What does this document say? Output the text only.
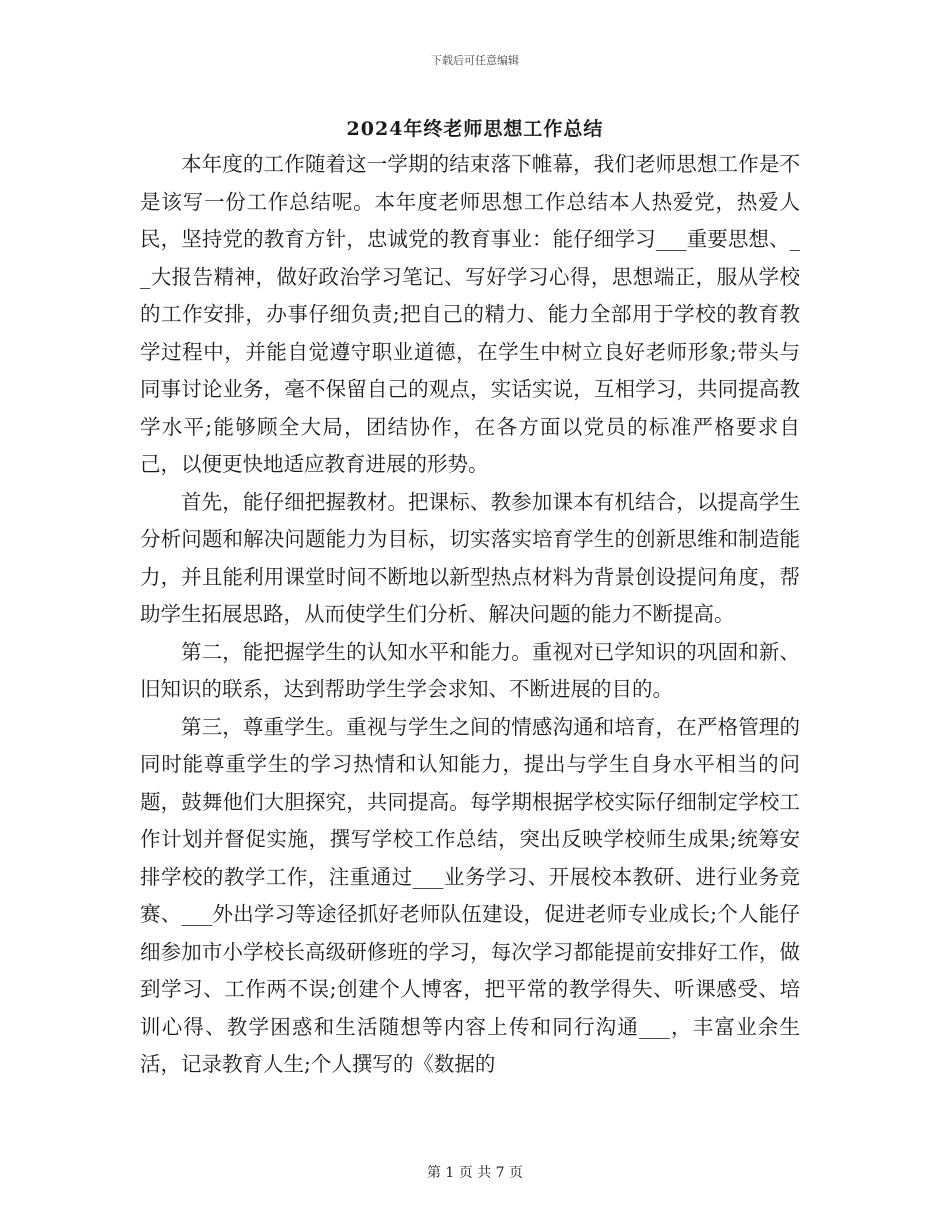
下载后可任意编辑
2024年终老师思想工作总结

本年度的工作随着这一学期的结束落下帷幕，我们老师思想工作是不是该写一份工作总结呢。本年度老师思想工作总结本人热爱党，热爱人民，坚持党的教育方针，忠诚党的教育事业：能仔细学习___重要思想、__大报告精神，做好政治学习笔记、写好学习心得，思想端正，服从学校的工作安排，办事仔细负责;把自己的精力、能力全部用于学校的教育教学过程中，并能自觉遵守职业道德，在学生中树立良好老师形象;带头与同事讨论业务，毫不保留自己的观点，实话实说，互相学习，共同提高教学水平;能够顾全大局，团结协作，在各方面以党员的标准严格要求自己，以便更快地适应教育进展的形势。

首先，能仔细把握教材。把课标、教参加课本有机结合，以提高学生分析问题和解决问题能力为目标，切实落实培育学生的创新思维和制造能力，并且能利用课堂时间不断地以新型热点材料为背景创设提问角度，帮助学生拓展思路，从而使学生们分析、解决问题的能力不断提高。

第二，能把握学生的认知水平和能力。重视对已学知识的巩固和新、旧知识的联系，达到帮助学生学会求知、不断进展的目的。

第三，尊重学生。重视与学生之间的情感沟通和培育，在严格管理的同时能尊重学生的学习热情和认知能力，提出与学生自身水平相当的问题，鼓舞他们大胆探究，共同提高。每学期根据学校实际仔细制定学校工作计划并督促实施，撰写学校工作总结，突出反映学校师生成果;统筹安排学校的教学工作，注重通过___业务学习、开展校本教研、进行业务竞赛、___外出学习等途径抓好老师队伍建设，促进老师专业成长;个人能仔细参加市小学校长高级研修班的学习，每次学习都能提前安排好工作，做到学习、工作两不误;创建个人博客，把平常的教学得失、听课感受、培训心得、教学困惑和生活随想等内容上传和同行沟通___，丰富业余生活，记录教育人生;个人撰写的《数据的

第 1 页 共 7 页
